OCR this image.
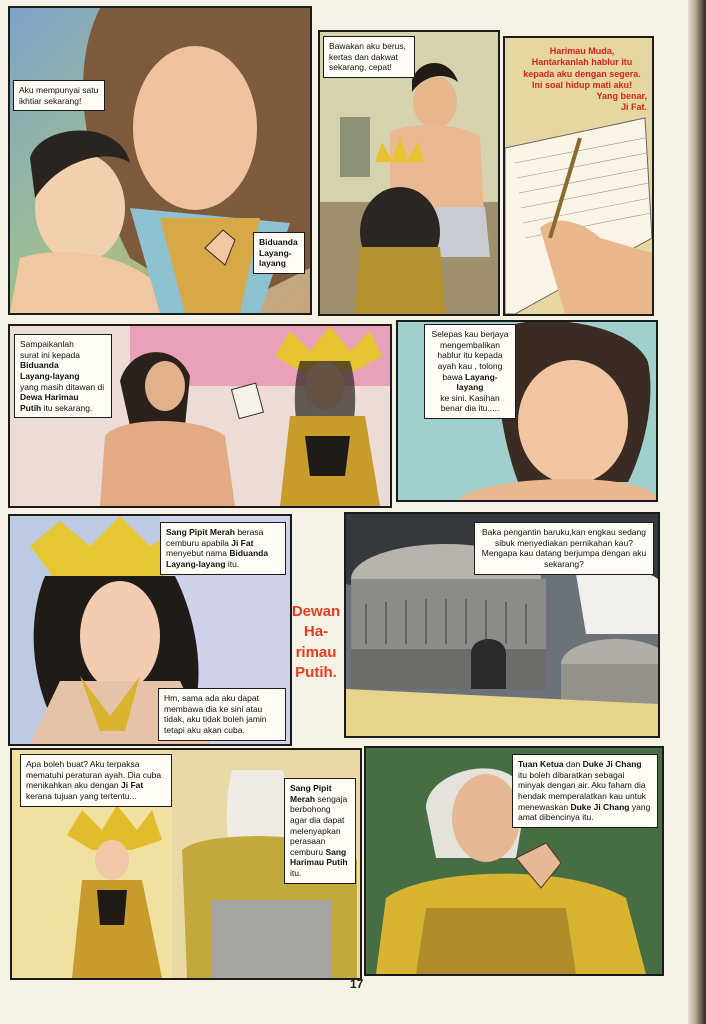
Aku mempunyai satu ikhtiar sekarang!
Biduanda
Layang-
layang
Bawakan aku berus, kertas dan dakwat sekarang, cepat!
Harimau Muda,
Hantarkanlah hablur itu
kepada aku dengan segera.
Ini soal hidup mati aku!
Yang benar,
Ji Fat.
Sampaikanlah
surat ini kepada
Biduanda
Layang-layang
yang masih ditawan di
Dewa Harimau
Putih itu sekarang.
Selepas kau berjaya
mengembalikan
hablur itu kepada
ayah kau , tolong
bawa Layang-layang
ke sini. Kasihan
benar dia itu.....
Sang Pipit Merah berasa cemburu apabila Ji Fat menyebut nama Biduanda Layang-layang itu.
Hm, sama ada aku dapat membawa dia ke sini atau tidak, aku tidak boleh jamin tetapi aku akan cuba.
Dewan
Ha-
rimau
Putih.
Baka pengantin baruku,kan engkau sedang sibuk menyediakan pernikahan kau? Mengapa kau datang berjumpa dengan aku sekarang?
Apa boleh buat? Aku terpaksa mematuhi peraturan ayah. Dia cuba menikahkan aku dengan Ji Fat kerana tujuan yang tertentu...
Sang Pipit Merah sengaja berbohong agar dia dapat melenyapkan perasaan cemburu Sang Harimau Putih itu.
Tuan Ketua dan Duke Ji Chang itu boleh dibaratkan sebagai minyak dengan air. Aku faham dia hendak memperalatkan kau untuk menewaskan Duke Ji Chang yang amat dibencinya itu.
17
